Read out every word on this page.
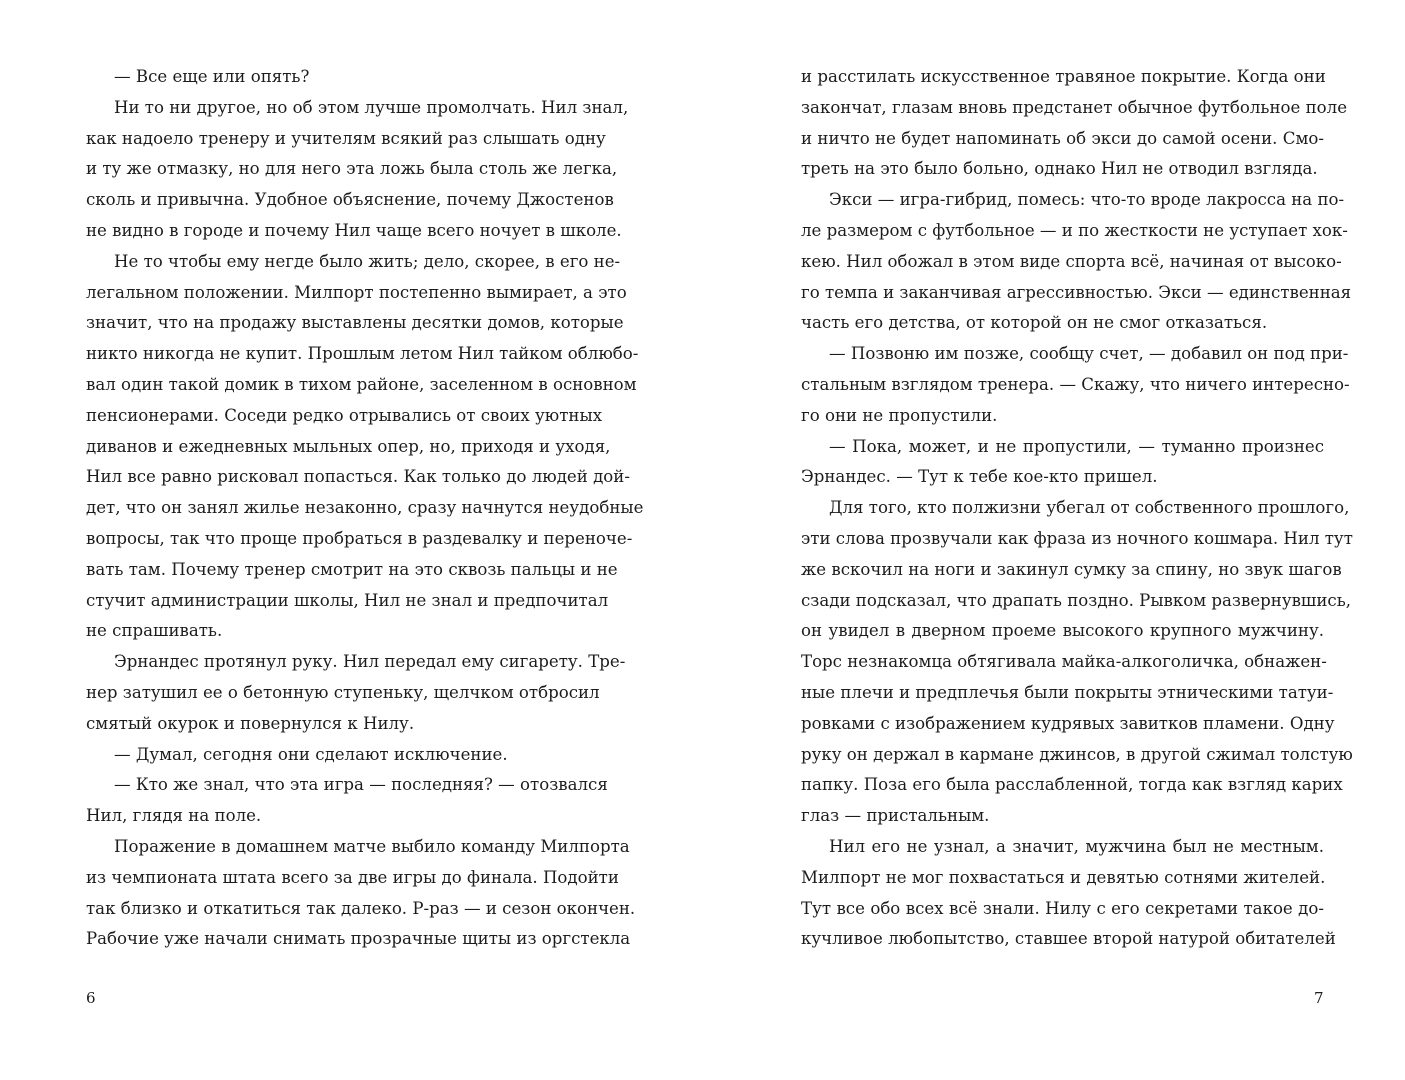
— Все еще или опять?
Ни то ни другое, но об этом лучше промолчать. Нил знал,
как надоело тренеру и учителям всякий раз слышать одну
и ту же отмазку, но для него эта ложь была столь же легка,
сколь и привычна. Удобное объяснение, почему Джостенов
не видно в городе и почему Нил чаще всего ночует в школе.
Не то чтобы ему негде было жить; дело, скорее, в его не-
легальном положении. Милпорт постепенно вымирает, а это
значит, что на продажу выставлены десятки домов, которые
никто никогда не купит. Прошлым летом Нил тайком облюбо-
вал один такой домик в тихом районе, заселенном в основном
пенсионерами. Соседи редко отрывались от своих уютных
диванов и ежедневных мыльных опер, но, приходя и уходя,
Нил все равно рисковал попасться. Как только до людей дой-
дет, что он занял жилье незаконно, сразу начнутся неудобные
вопросы, так что проще пробраться в раздевалку и переноче-
вать там. Почему тренер смотрит на это сквозь пальцы и не
стучит администрации школы, Нил не знал и предпочитал
не спрашивать.
Эрнандес протянул руку. Нил передал ему сигарету. Тре-
нер затушил ее о бетонную ступеньку, щелчком отбросил
смятый окурок и повернулся к Нилу.
— Думал, сегодня они сделают исключение.
— Кто же знал, что эта игра — последняя? — отозвался
Нил, глядя на поле.
Поражение в домашнем матче выбило команду Милпорта
из чемпионата штата всего за две игры до финала. Подойти
так близко и откатиться так далеко. Р-раз — и сезон окончен.
Рабочие уже начали снимать прозрачные щиты из оргстекла
и расстилать искусственное травяное покрытие. Когда они
закончат, глазам вновь предстанет обычное футбольное поле
и ничто не будет напоминать об экси до самой осени. Смо-
треть на это было больно, однако Нил не отводил взгляда.
Экси — игра-гибрид, помесь: что-то вроде лакросса на по-
ле размером с футбольное — и по жесткости не уступает хок-
кею. Нил обожал в этом виде спорта всё, начиная от высоко-
го темпа и заканчивая агрессивностью. Экси — единственная
часть его детства, от которой он не смог отказаться.
— Позвоню им позже, сообщу счет, — добавил он под при-
стальным взглядом тренера. — Скажу, что ничего интересно-
го они не пропустили.
— Пока, может, и не пропустили, — туманно произнес
Эрнандес. — Тут к тебе кое-кто пришел.
Для того, кто полжизни убегал от собственного прошлого,
эти слова прозвучали как фраза из ночного кошмара. Нил тут
же вскочил на ноги и закинул сумку за спину, но звук шагов
сзади подсказал, что драпать поздно. Рывком развернувшись,
он увидел в дверном проеме высокого крупного мужчину.
Торс незнакомца обтягивала майка-алкоголичка, обнажен-
ные плечи и предплечья были покрыты этническими татуи-
ровками с изображением кудрявых завитков пламени. Одну
руку он держал в кармане джинсов, в другой сжимал толстую
папку. Поза его была расслабленной, тогда как взгляд карих
глаз — пристальным.
Нил его не узнал, а значит, мужчина был не местным.
Милпорт не мог похвастаться и девятью сотнями жителей.
Тут все обо всех всё знали. Нилу с его секретами такое до-
кучливое любопытство, ставшее второй натурой обитателей
6	7
